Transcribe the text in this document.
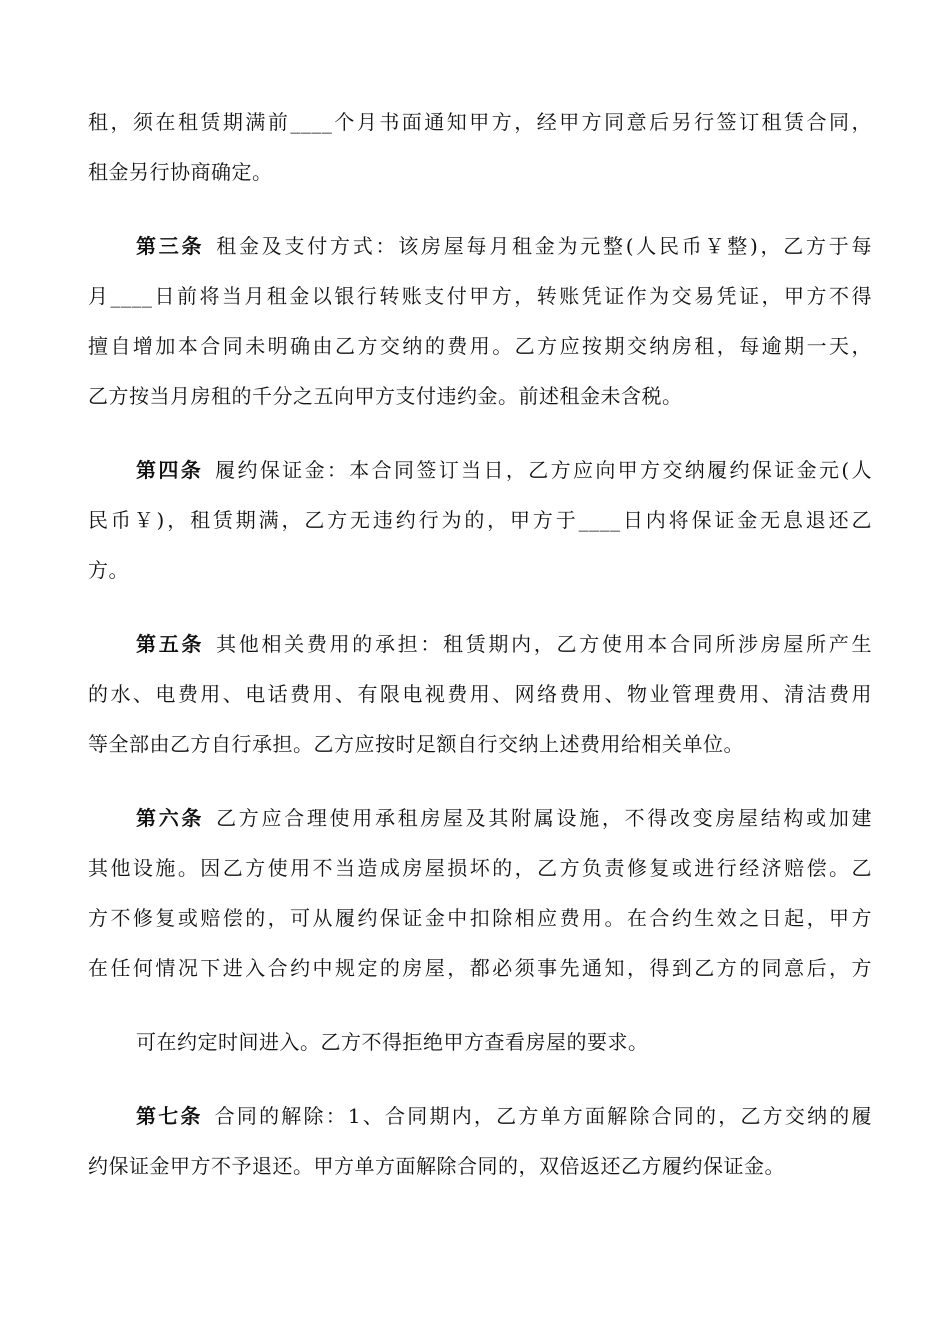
租，须在租赁期满前____个月书面通知甲方，经甲方同意后另行签订租赁合同，
租金另行协商确定。
第三条 租金及支付方式：该房屋每月租金为元整(人民币￥整)，乙方于每
月____日前将当月租金以银行转账支付甲方，转账凭证作为交易凭证，甲方不得
擅自增加本合同未明确由乙方交纳的费用。乙方应按期交纳房租，每逾期一天，
乙方按当月房租的千分之五向甲方支付违约金。前述租金未含税。
第四条 履约保证金：本合同签订当日，乙方应向甲方交纳履约保证金元(人
民币￥)，租赁期满，乙方无违约行为的，甲方于____日内将保证金无息退还乙
方。
第五条 其他相关费用的承担：租赁期内，乙方使用本合同所涉房屋所产生
的水、电费用、电话费用、有限电视费用、网络费用、物业管理费用、清洁费用
等全部由乙方自行承担。乙方应按时足额自行交纳上述费用给相关单位。
第六条 乙方应合理使用承租房屋及其附属设施，不得改变房屋结构或加建
其他设施。因乙方使用不当造成房屋损坏的，乙方负责修复或进行经济赔偿。乙
方不修复或赔偿的，可从履约保证金中扣除相应费用。在合约生效之日起，甲方
在任何情况下进入合约中规定的房屋，都必须事先通知，得到乙方的同意后，方
可在约定时间进入。乙方不得拒绝甲方查看房屋的要求。
第七条 合同的解除：1、合同期内，乙方单方面解除合同的，乙方交纳的履
约保证金甲方不予退还。甲方单方面解除合同的，双倍返还乙方履约保证金。
